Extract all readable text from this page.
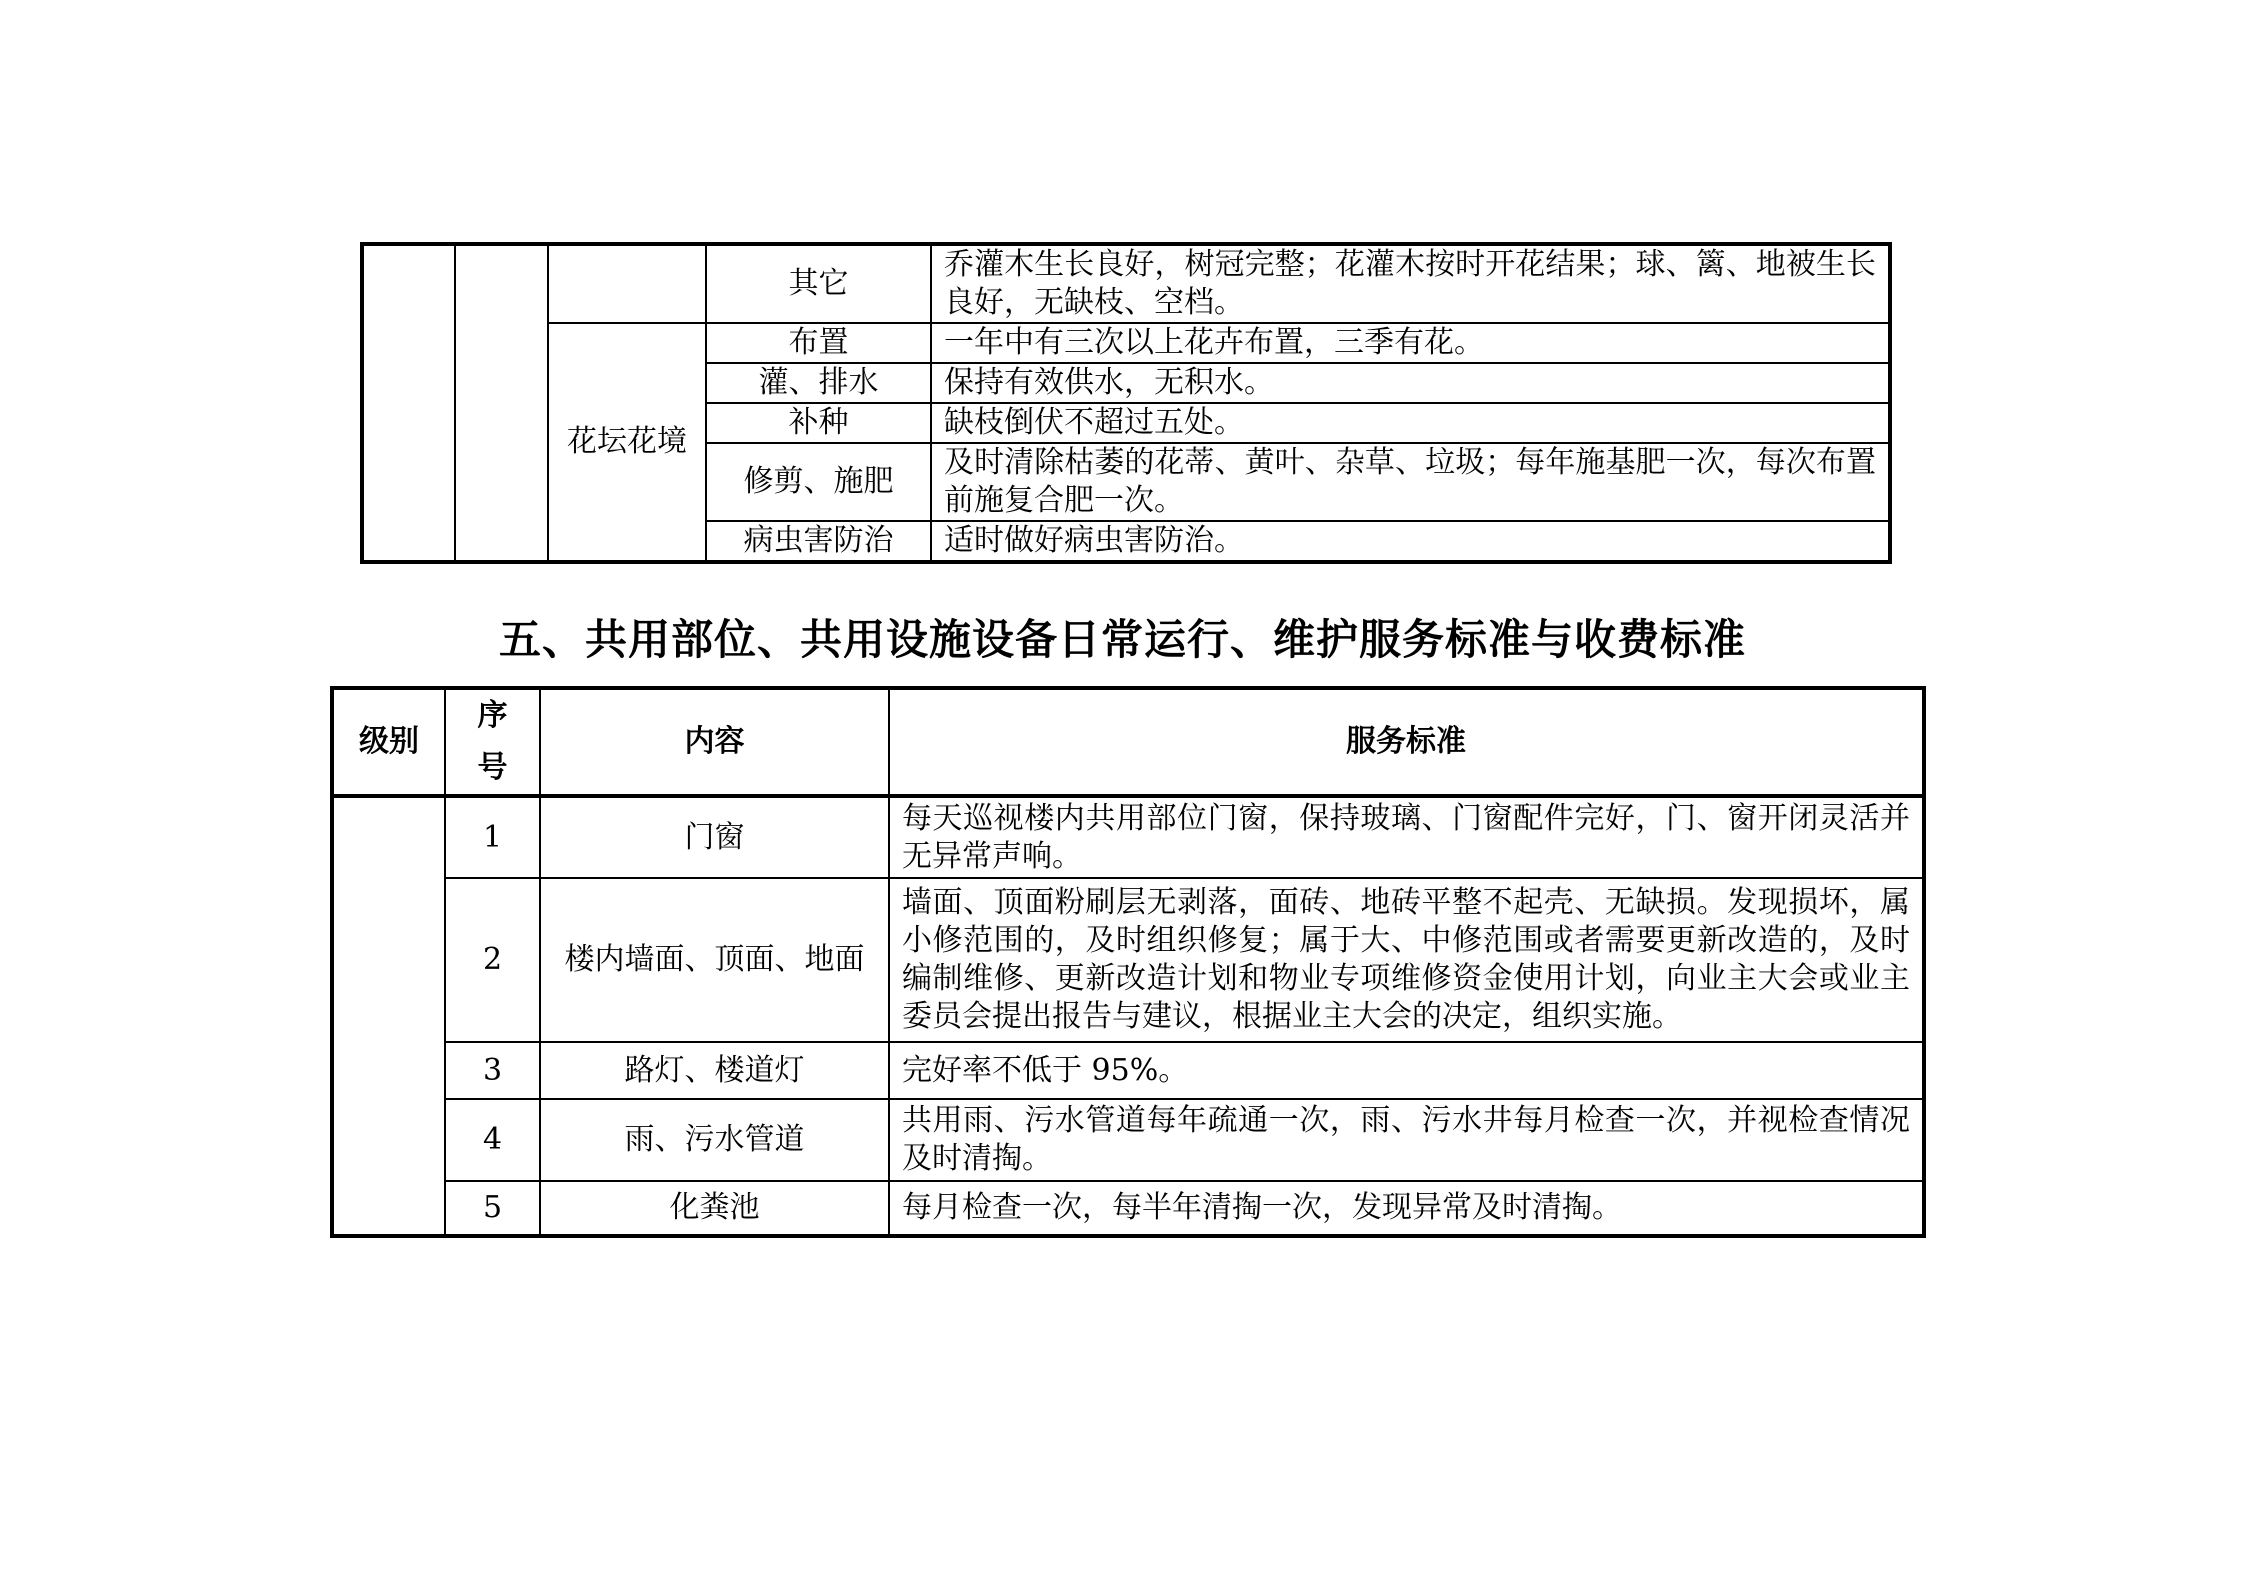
			其它	乔灌木生长良好，树冠完整；花灌木按时开花结果；球、篱、地被生长良好，无缺枝、空档。
		花坛花境	布置	一年中有三次以上花卉布置，三季有花。
			灌、排水	保持有效供水，无积水。
			补种	缺枝倒伏不超过五处。
			修剪、施肥	及时清除枯萎的花蒂、黄叶、杂草、垃圾；每年施基肥一次，每次布置前施复合肥一次。
			病虫害防治	适时做好病虫害防治。
五、共用部位、共用设施设备日常运行、维护服务标准与收费标准
级别	序号	内容	服务标准
	1	门窗	每天巡视楼内共用部位门窗，保持玻璃、门窗配件完好，门、窗开闭灵活并无异常声响。
	2	楼内墙面、顶面、地面	墙面、顶面粉刷层无剥落，面砖、地砖平整不起壳、无缺损。发现损坏，属小修范围的，及时组织修复；属于大、中修范围或者需要更新改造的，及时编制维修、更新改造计划和物业专项维修资金使用计划，向业主大会或业主委员会提出报告与建议，根据业主大会的决定，组织实施。
	3	路灯、楼道灯	完好率不低于 95%。
	4	雨、污水管道	共用雨、污水管道每年疏通一次，雨、污水井每月检查一次，并视检查情况及时清掏。
	5	化粪池	每月检查一次，每半年清掏一次，发现异常及时清掏。
